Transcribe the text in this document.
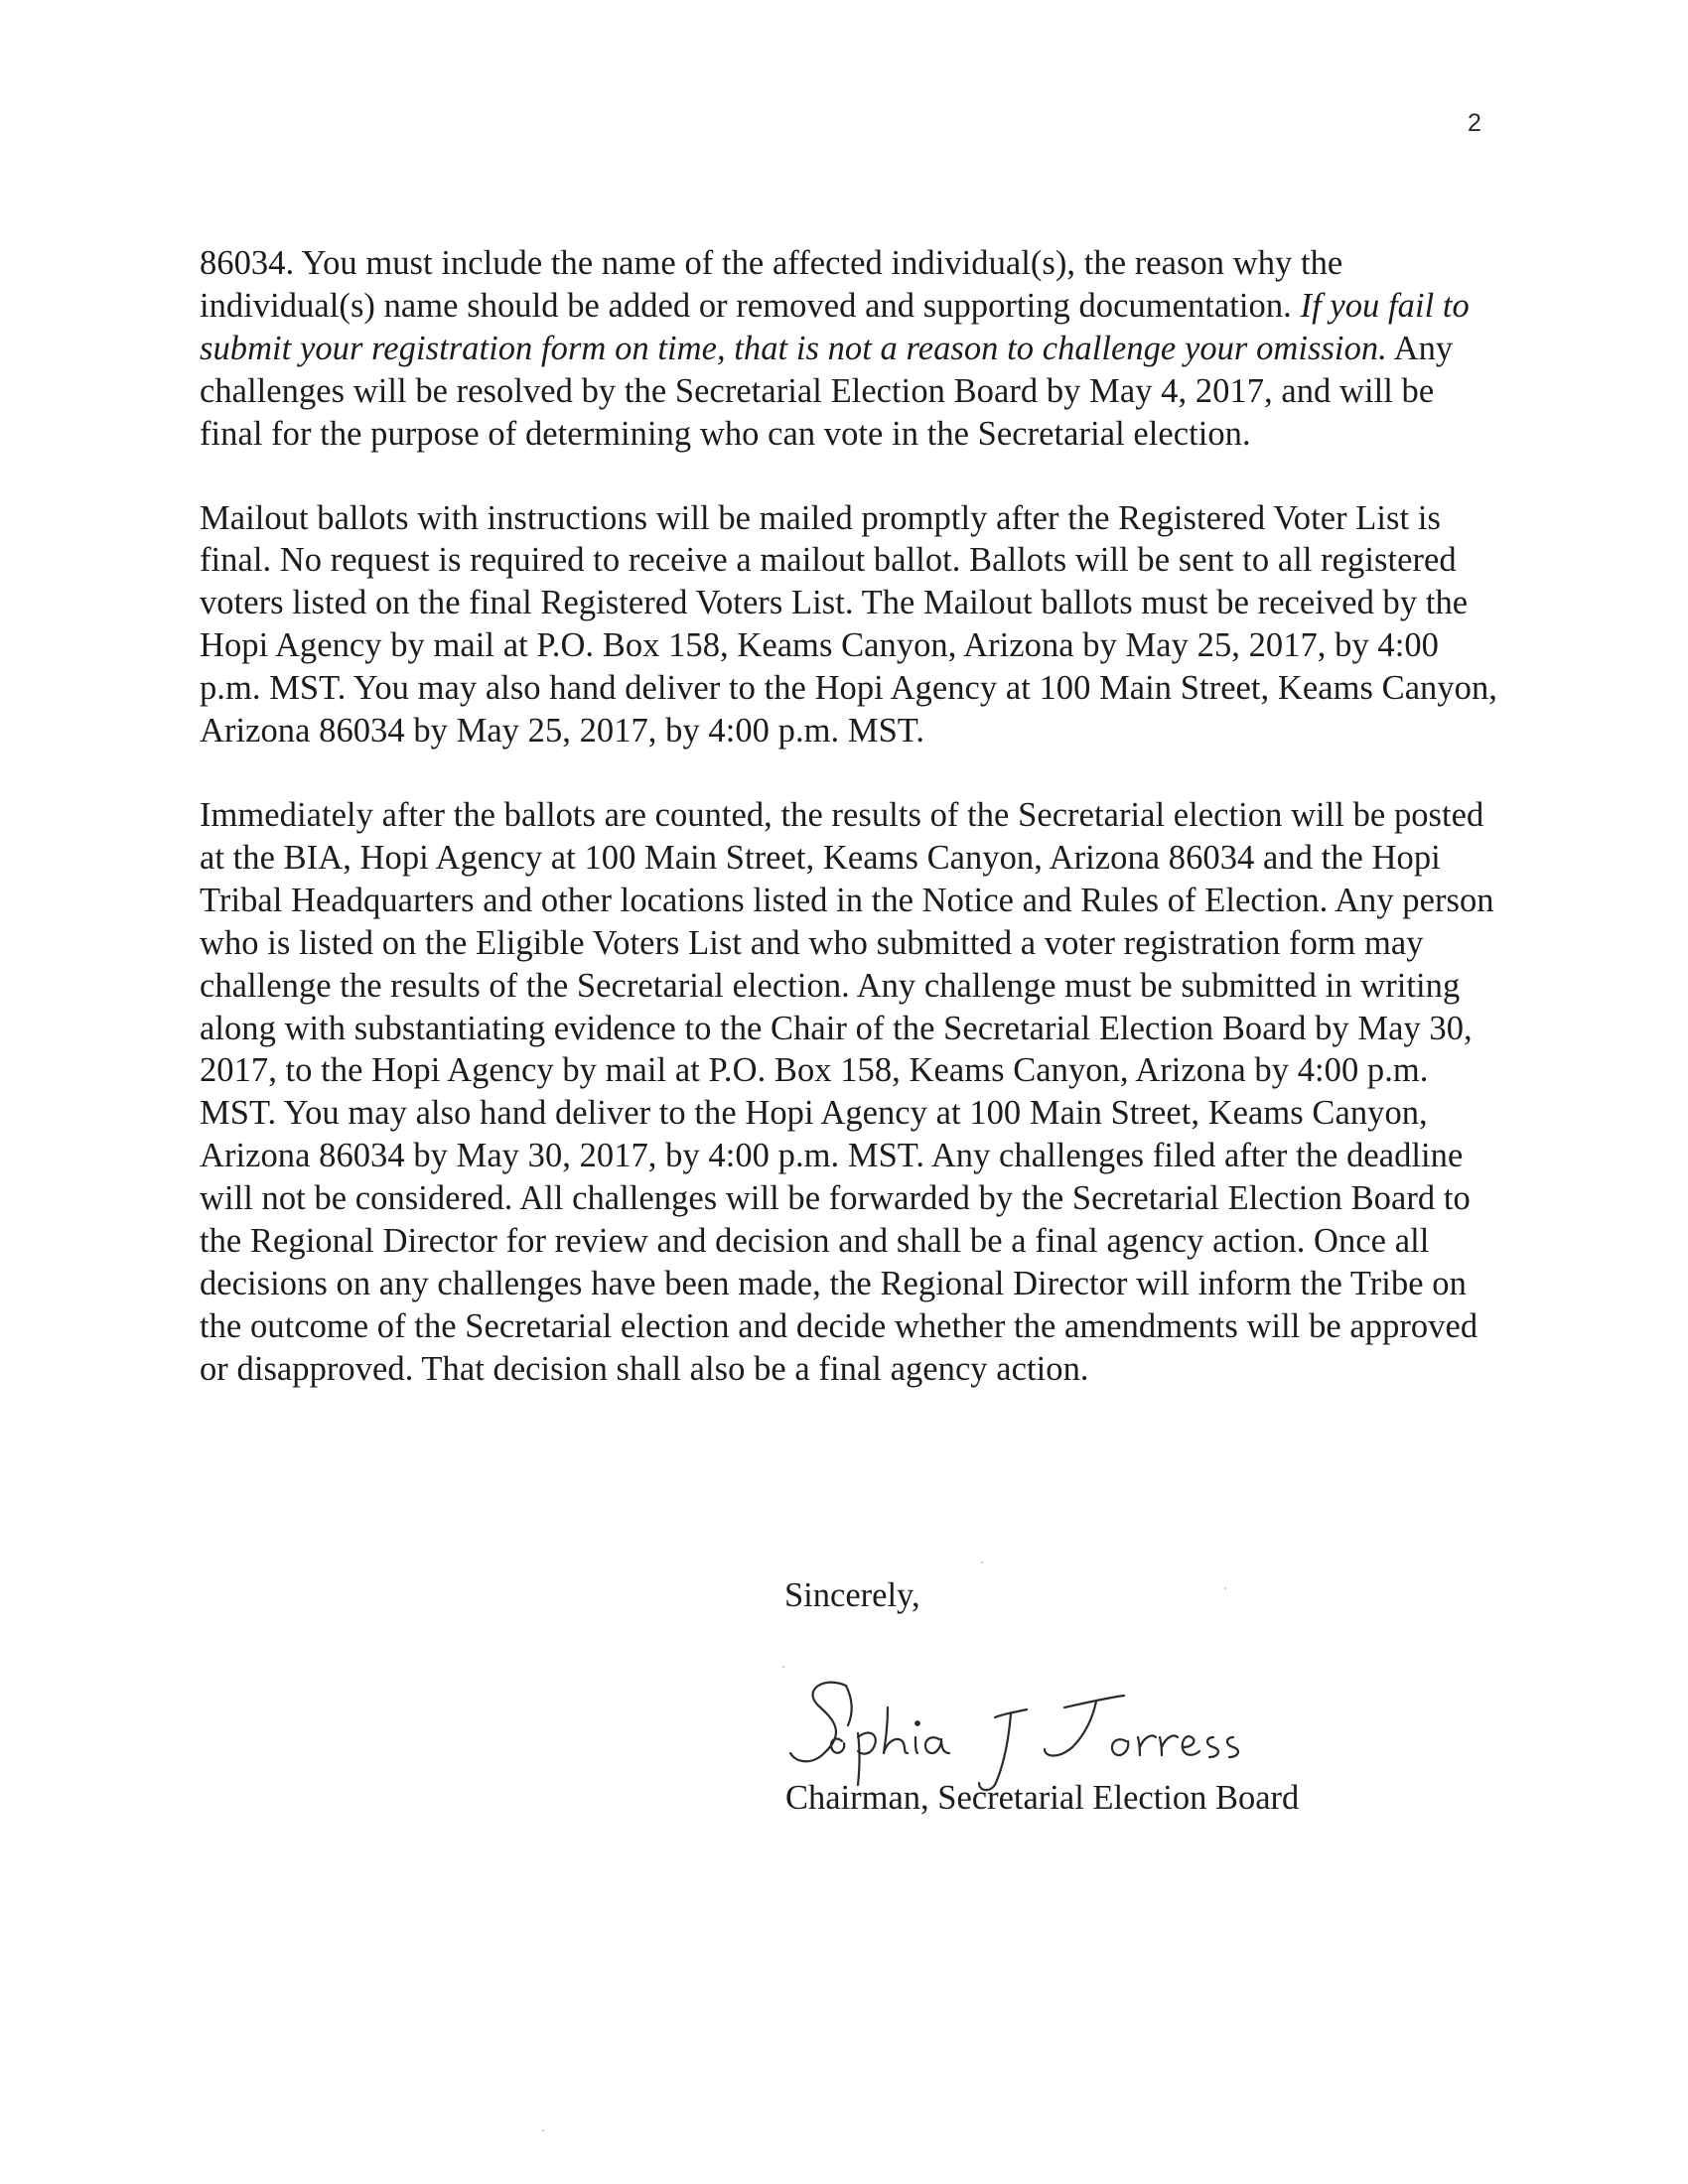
2

86034. You must include the name of the affected individual(s), the reason why the individual(s) name should be added or removed and supporting documentation. If you fail to submit your registration form on time, that is not a reason to challenge your omission. Any challenges will be resolved by the Secretarial Election Board by May 4, 2017, and will be final for the purpose of determining who can vote in the Secretarial election.

Mailout ballots with instructions will be mailed promptly after the Registered Voter List is final. No request is required to receive a mailout ballot. Ballots will be sent to all registered voters listed on the final Registered Voters List. The Mailout ballots must be received by the Hopi Agency by mail at P.O. Box 158, Keams Canyon, Arizona by May 25, 2017, by 4:00 p.m. MST. You may also hand deliver to the Hopi Agency at 100 Main Street, Keams Canyon, Arizona 86034 by May 25, 2017, by 4:00 p.m. MST.

Immediately after the ballots are counted, the results of the Secretarial election will be posted at the BIA, Hopi Agency at 100 Main Street, Keams Canyon, Arizona 86034 and the Hopi Tribal Headquarters and other locations listed in the Notice and Rules of Election. Any person who is listed on the Eligible Voters List and who submitted a voter registration form may challenge the results of the Secretarial election. Any challenge must be submitted in writing along with substantiating evidence to the Chair of the Secretarial Election Board by May 30, 2017, to the Hopi Agency by mail at P.O. Box 158, Keams Canyon, Arizona by 4:00 p.m. MST. You may also hand deliver to the Hopi Agency at 100 Main Street, Keams Canyon, Arizona 86034 by May 30, 2017, by 4:00 p.m. MST. Any challenges filed after the deadline will not be considered. All challenges will be forwarded by the Secretarial Election Board to the Regional Director for review and decision and shall be a final agency action. Once all decisions on any challenges have been made, the Regional Director will inform the Tribe on the outcome of the Secretarial election and decide whether the amendments will be approved or disapproved. That decision shall also be a final agency action.

Sincerely,
Chairman, Secretarial Election Board
